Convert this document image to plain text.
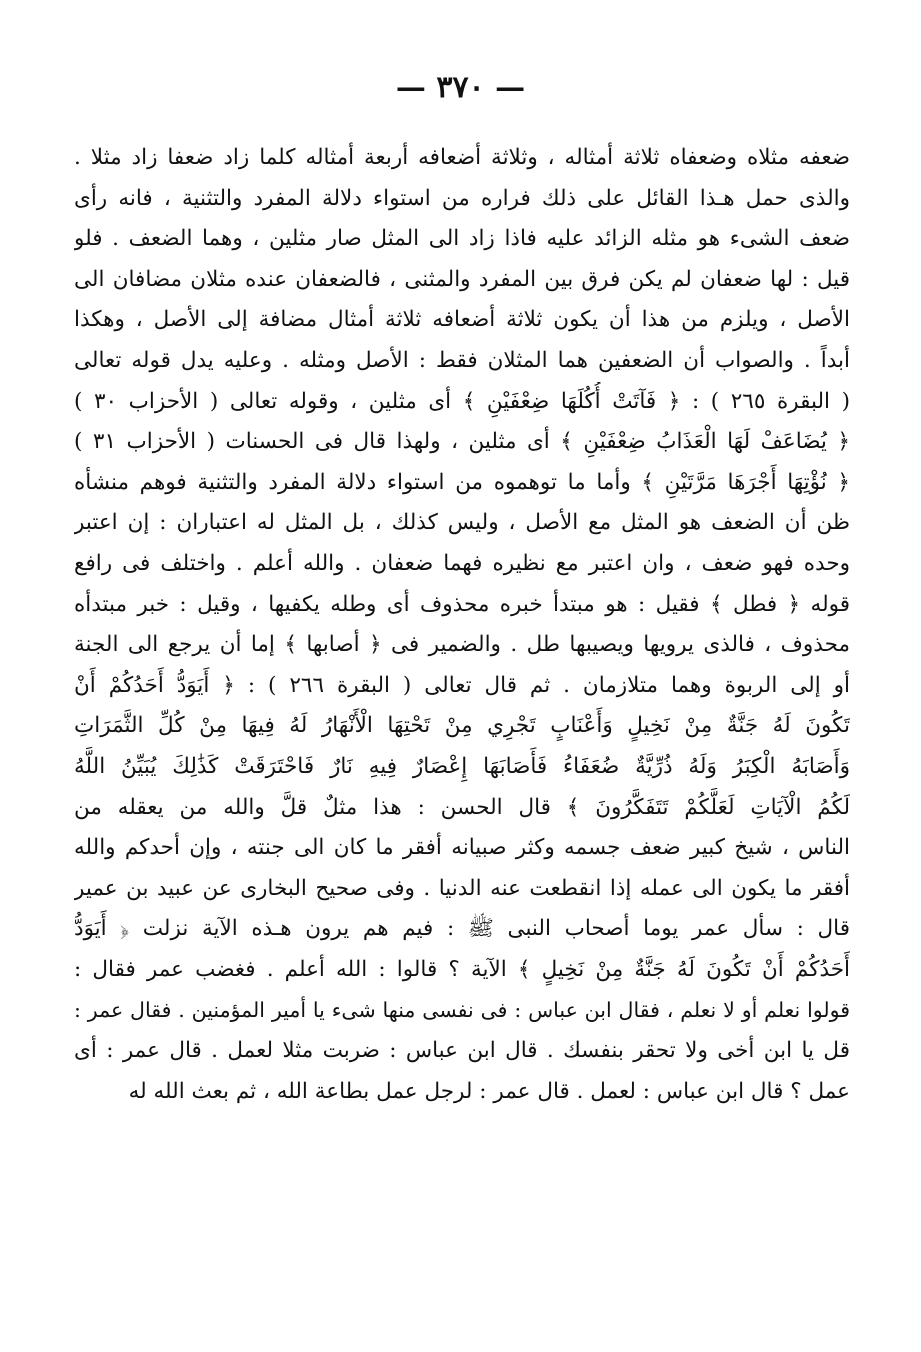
— ٣٧٠ —
ضعفه مثلاه وضعفاه ثلاثة أمثاله ، وثلاثة أضعافه أربعة أمثاله كلما زاد ضعفا زاد مثلا .
والذى حمل هـذا القائل على ذلك فراره من استواء دلالة المفرد والتثنية ، فانه رأى
ضعف الشىء هو مثله الزائد عليه فاذا زاد الى المثل صار مثلين ، وهما الضعف . فلو
قيل : لها ضعفان لم يكن فرق بين المفرد والمثنى ، فالضعفان عنده مثلان مضافان الى
الأصل ، ويلزم من هذا أن يكون ثلاثة أضعافه ثلاثة أمثال مضافة إلى الأصل ، وهكذا
أبداً . والصواب أن الضعفين هما المثلان فقط : الأصل ومثله . وعليه يدل قوله تعالى
( البقرة ٢٦٥ ) : ﴿ فَآتَتْ أُكُلَهَا ضِعْفَيْنِ ﴾ أى مثلين ، وقوله تعالى ( الأحزاب ٣٠ )
﴿ يُضَاعَفْ لَهَا الْعَذَابُ ضِعْفَيْنِ ﴾ أى مثلين ، ولهذا قال فى الحسنات ( الأحزاب ٣١ )
﴿ نُؤْتِهَا أَجْرَهَا مَرَّتَيْنِ ﴾ وأما ما توهموه من استواء دلالة المفرد والتثنية فوهم منشأه
ظن أن الضعف هو المثل مع الأصل ، وليس كذلك ، بل المثل له اعتباران : إن اعتبر
وحده فهو ضعف ، وان اعتبر مع نظيره فهما ضعفان . والله أعلم . واختلف فى رافع
قوله ﴿ فطل ﴾ فقيل : هو مبتدأ خبره محذوف أى وطله يكفيها ، وقيل : خبر مبتدأه
محذوف ، فالذى يرويها ويصيبها طل . والضمير فى ﴿ أصابها ﴾ إما أن يرجع الى الجنة
أو إلى الربوة وهما متلازمان . ثم قال تعالى ( البقرة ٢٦٦ ) : ﴿ أَيَوَدُّ أَحَدُكُمْ أَنْ
تَكُونَ لَهُ جَنَّةٌ مِنْ نَخِيلٍ وَأَعْنَابٍ تَجْرِي مِنْ تَحْتِهَا الْأَنْهَارُ لَهُ فِيهَا مِنْ كُلِّ الثَّمَرَاتِ
وَأَصَابَهُ الْكِبَرُ وَلَهُ ذُرِّيَّةٌ ضُعَفَاءُ فَأَصَابَهَا إِعْصَارٌ فِيهِ نَارٌ فَاحْتَرَقَتْ كَذَٰلِكَ يُبَيِّنُ اللَّهُ
لَكُمُ الْآيَاتِ لَعَلَّكُمْ تَتَفَكَّرُونَ ﴾ قال الحسن : هذا مثلٌ قلَّ والله من يعقله من
الناس ، شيخ كبير ضعف جسمه وكثر صبيانه أفقر ما كان الى جنته ، وإن أحدكم والله
أفقر ما يكون الى عمله إذا انقطعت عنه الدنيا . وفى صحيح البخارى عن عبيد بن عمير
قال : سأل عمر يوما أصحاب النبى ﷺ : فيم هم يرون هـذه الآية نزلت ﴿ أَيَوَدُّ
أَحَدُكُمْ أَنْ تَكُونَ لَهُ جَنَّةٌ مِنْ نَخِيلٍ ﴾ الآية ؟ قالوا : الله أعلم . فغضب عمر فقال :
قولوا نعلم أو لا نعلم ، فقال ابن عباس : فى نفسى منها شىء يا أمير المؤمنين . فقال عمر :
قل يا ابن أخى ولا تحقر بنفسك . قال ابن عباس : ضربت مثلا لعمل . قال عمر : أى
عمل ؟ قال ابن عباس : لعمل . قال عمر : لرجل عمل بطاعة الله ، ثم بعث الله له
